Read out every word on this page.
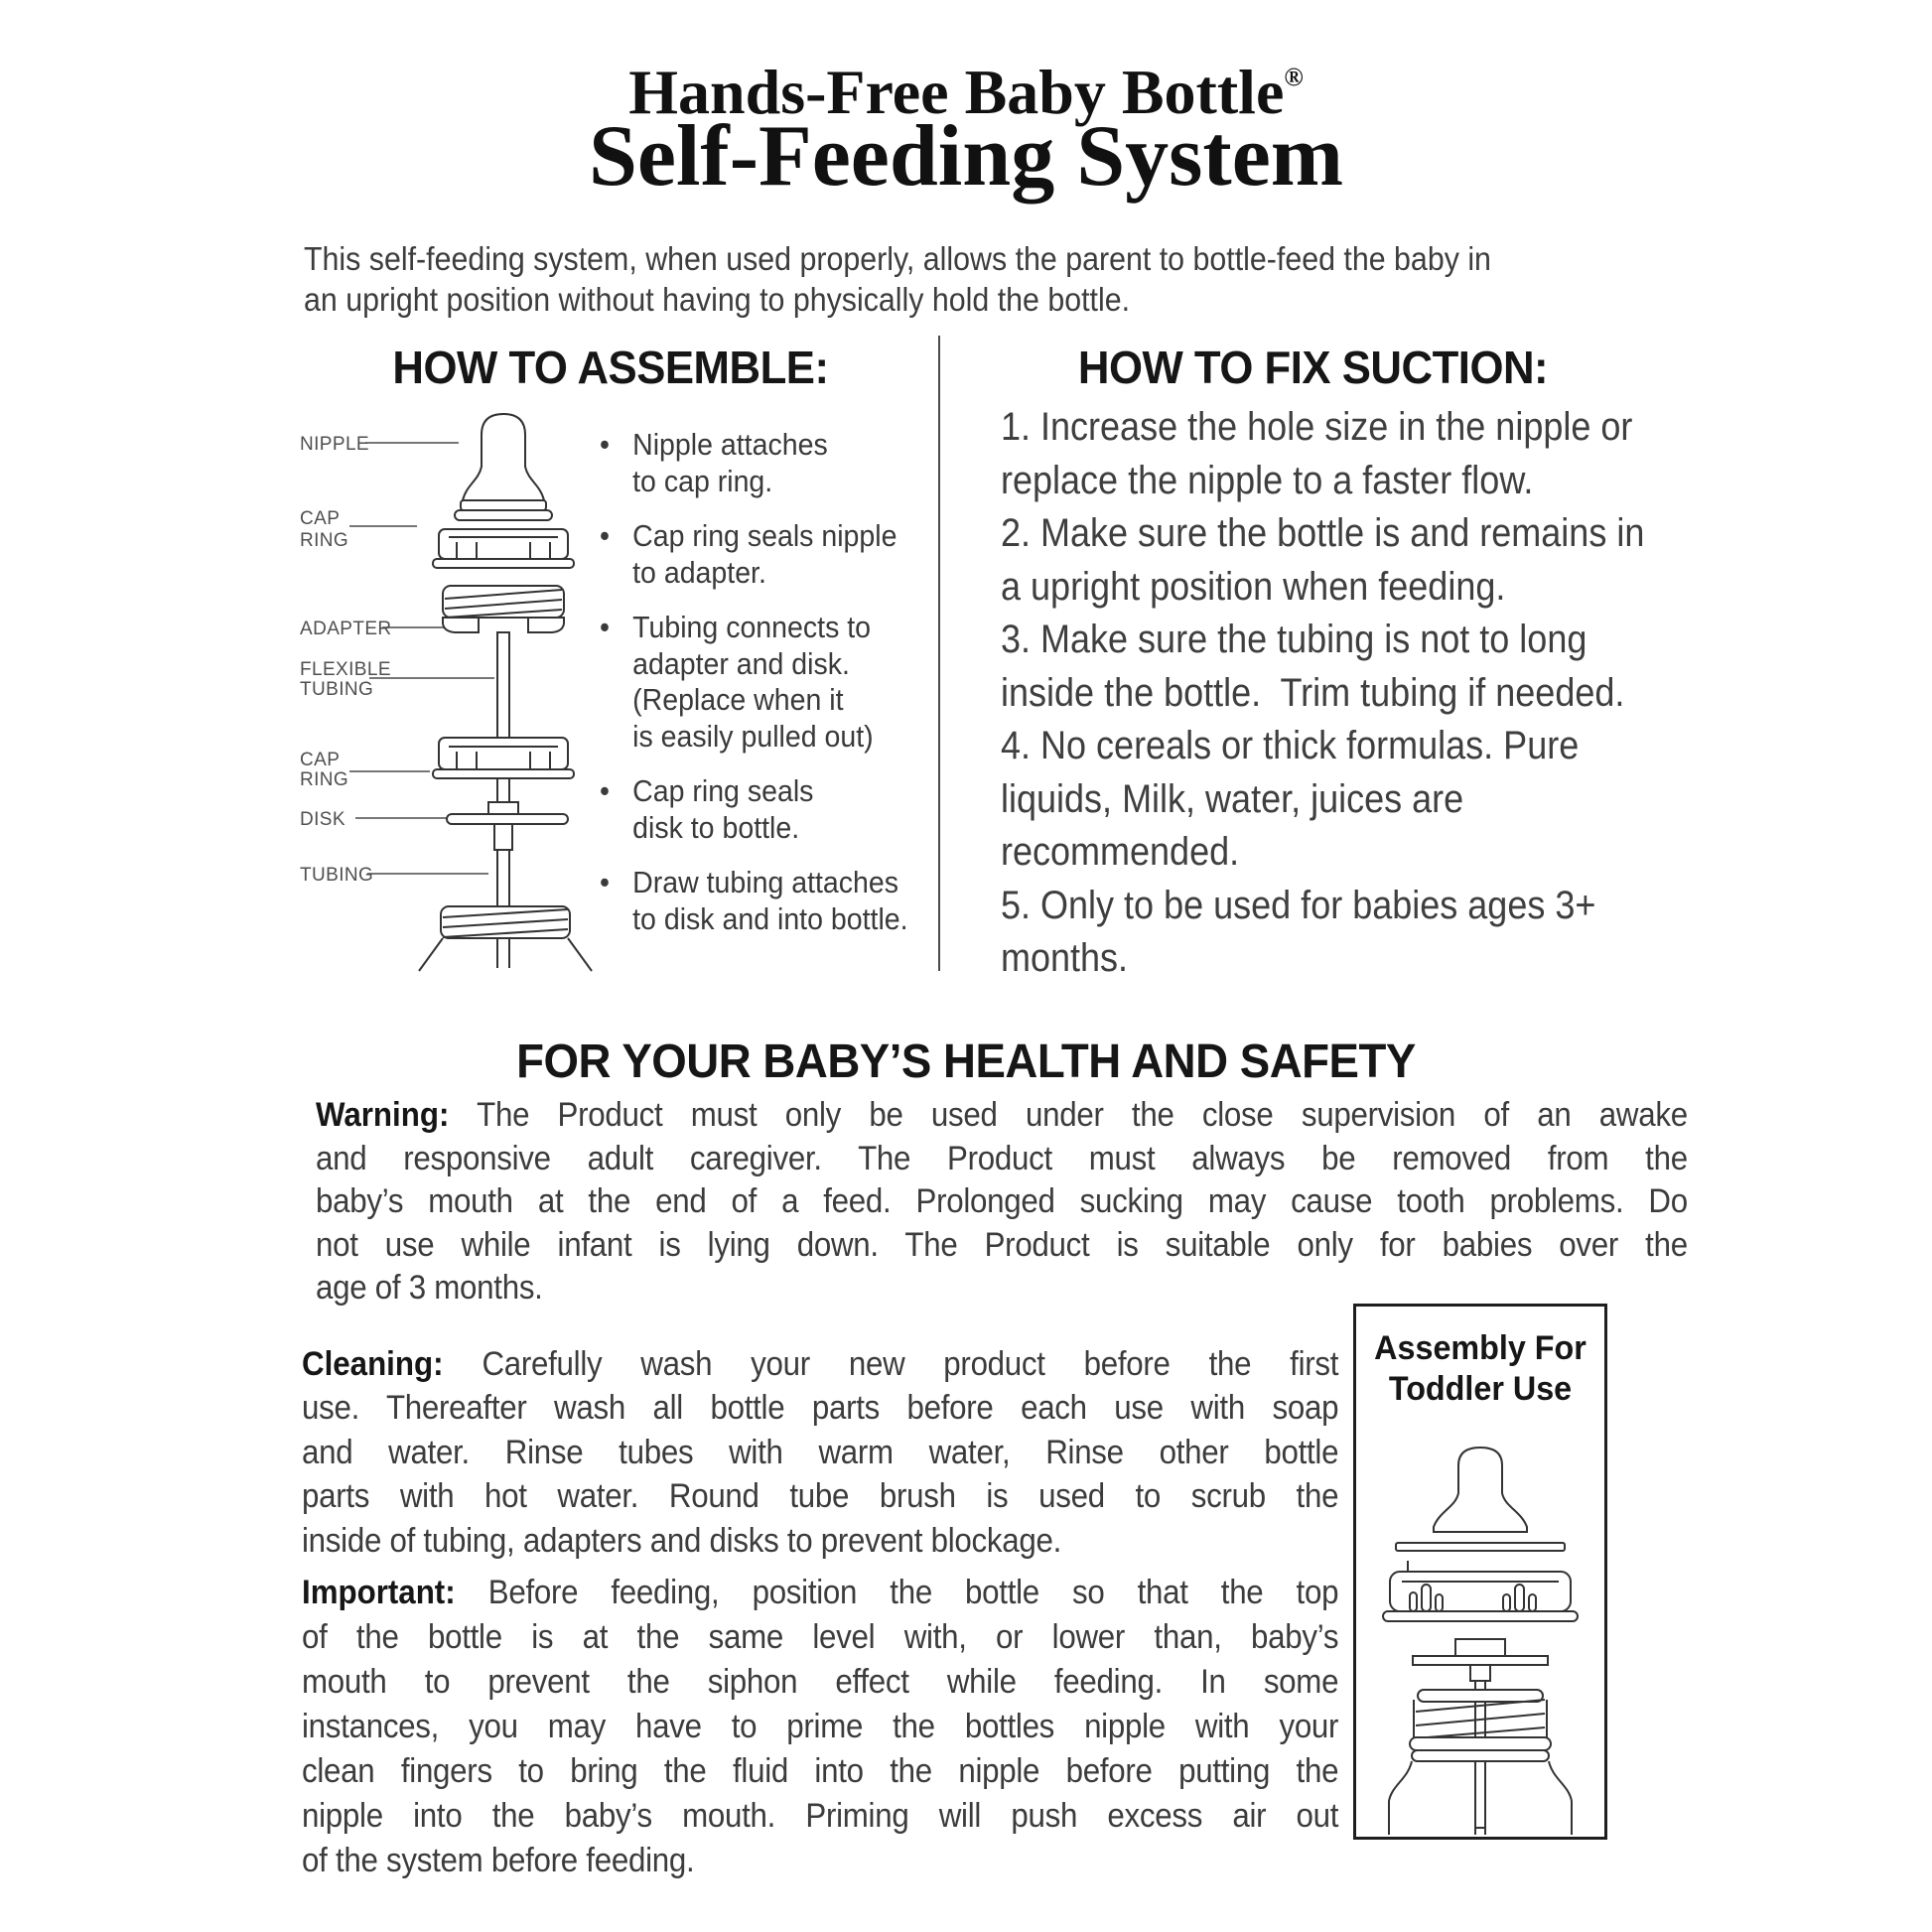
Hands-Free Baby Bottle®
Self-Feeding System
This self-feeding system, when used properly, allows the parent to bottle-feed the baby in
an upright position without having to physically hold the bottle.
HOW TO ASSEMBLE:	HOW TO FIX SUCTION:
NIPPLE
CAP
RING
ADAPTER
FLEXIBLE
TUBING
CAP
RING
DISK
TUBING
• Nipple attaches
to cap ring.
• Cap ring seals nipple
to adapter.
• Tubing connects to
adapter and disk.
(Replace when it
is easily pulled out)
• Cap ring seals
disk to bottle.
• Draw tubing attaches
to disk and into bottle.
1. Increase the hole size in the nipple or
replace the nipple to a faster flow.
2. Make sure the bottle is and remains in
a upright position when feeding.
3. Make sure the tubing is not to long
inside the bottle.  Trim tubing if needed.
4. No cereals or thick formulas. Pure
liquids, Milk, water, juices are
recommended.
5. Only to be used for babies ages 3+
months.
FOR YOUR BABY’S HEALTH AND SAFETY
Warning: The Product must only be used under the close supervision of an awake
and responsive adult caregiver. The Product must always be removed from the
baby’s mouth at the end of a feed. Prolonged sucking may cause tooth problems. Do
not use while infant is lying down. The Product is suitable only for babies over the
age of 3 months.
Cleaning: Carefully wash your new product before the first
use. Thereafter wash all bottle parts before each use with soap
and water. Rinse tubes with warm water, Rinse other bottle
parts with hot water. Round tube brush is used to scrub the
inside of tubing, adapters and disks to prevent blockage.
Important: Before feeding, position the bottle so that the top
of the bottle is at the same level with, or lower than, baby’s
mouth to prevent the siphon effect while feeding. In some
instances, you may have to prime the bottles nipple with your
clean fingers to bring the fluid into the nipple before putting the
nipple into the baby’s mouth. Priming will push excess air out
of the system before feeding.
Assembly For
Toddler Use
